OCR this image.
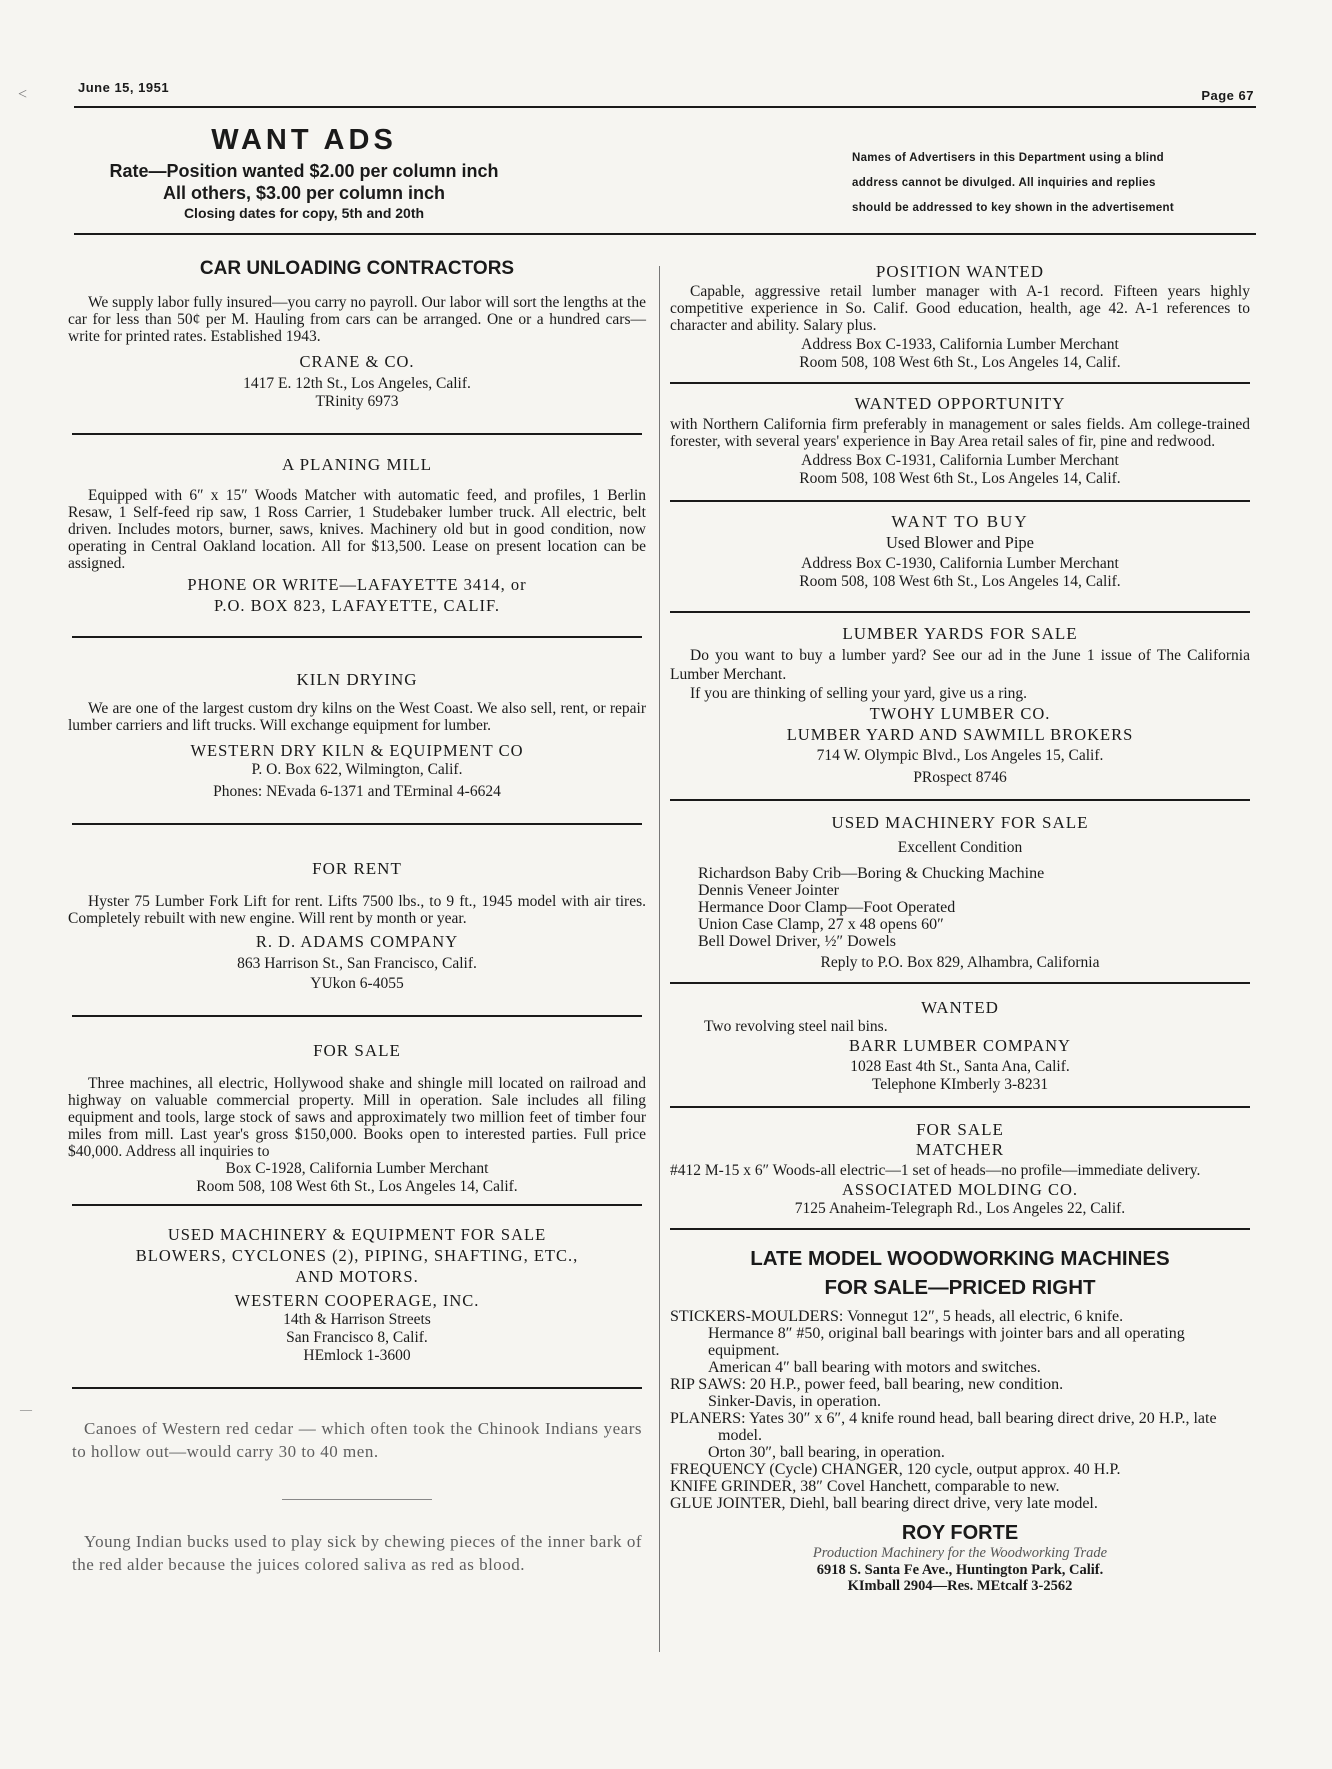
<
—
June 15, 1951
Page 67
WANT ADS
Rate—Position wanted $2.00 per column inch
All others, $3.00 per column inch
Closing dates for copy, 5th and 20th
Names of Advertisers in this Department using a blind
address cannot be divulged. All inquiries and replies
should be addressed to key shown in the advertisement

CAR UNLOADING CONTRACTORS

We supply labor fully insured—you carry no payroll. Our labor will sort the lengths at the car for less than 50¢ per M. Hauling from cars can be arranged. One or a hundred cars—write for printed rates. Established 1943.

CRANE & CO.

1417 E. 12th St., Los Angeles, Calif.

TRinity 6973

A PLANING MILL

Equipped with 6″ x 15″ Woods Matcher with automatic feed, and profiles, 1 Berlin Resaw, 1 Self-feed rip saw, 1 Ross Carrier, 1 Studebaker lumber truck. All electric, belt driven. Includes motors, burner, saws, knives. Machinery old but in good condition, now operating in Central Oakland location. All for $13,500. Lease on present location can be assigned.

PHONE OR WRITE—LAFAYETTE 3414, or

P.O. BOX 823, LAFAYETTE, CALIF.

KILN DRYING

We are one of the largest custom dry kilns on the West Coast. We also sell, rent, or repair lumber carriers and lift trucks. Will exchange equipment for lumber.

WESTERN DRY KILN & EQUIPMENT CO

P. O. Box 622, Wilmington, Calif.

Phones: NEvada 6-1371 and TErminal 4-6624

FOR RENT

Hyster 75 Lumber Fork Lift for rent. Lifts 7500 lbs., to 9 ft., 1945 model with air tires. Completely rebuilt with new engine. Will rent by month or year.

R. D. ADAMS COMPANY

863 Harrison St., San Francisco, Calif.

YUkon 6-4055

FOR SALE

Three machines, all electric, Hollywood shake and shingle mill located on railroad and highway on valuable commercial property. Mill in operation. Sale includes all filing equipment and tools, large stock of saws and approximately two million feet of timber four miles from mill. Last year's gross $150,000. Books open to interested parties. Full price $40,000. Address all inquiries to

Box C-1928, California Lumber Merchant

Room 508, 108 West 6th St., Los Angeles 14, Calif.

USED MACHINERY & EQUIPMENT FOR SALE

BLOWERS, CYCLONES (2), PIPING, SHAFTING, ETC.,

AND MOTORS.

WESTERN COOPERAGE, INC.

14th & Harrison Streets

San Francisco 8, Calif.

HEmlock 1-3600

Canoes of Western red cedar — which often took the Chinook Indians years to hollow out—would carry 30 to 40 men.

Young Indian bucks used to play sick by chewing pieces of the inner bark of the red alder because the juices colored saliva as red as blood.

POSITION WANTED

Capable, aggressive retail lumber manager with A-1 record. Fifteen years highly competitive experience in So. Calif. Good education, health, age 42. A-1 references to character and ability. Salary plus.

Address Box C-1933, California Lumber Merchant

Room 508, 108 West 6th St., Los Angeles 14, Calif.

WANTED OPPORTUNITY

with Northern California firm preferably in management or sales fields. Am college-trained forester, with several years' experience in Bay Area retail sales of fir, pine and redwood.

Address Box C-1931, California Lumber Merchant

Room 508, 108 West 6th St., Los Angeles 14, Calif.

WANT TO BUY

Used Blower and Pipe

Address Box C-1930, California Lumber Merchant

Room 508, 108 West 6th St., Los Angeles 14, Calif.

LUMBER YARDS FOR SALE

Do you want to buy a lumber yard? See our ad in the June 1 issue of The California Lumber Merchant.

If you are thinking of selling your yard, give us a ring.

TWOHY LUMBER CO.

LUMBER YARD AND SAWMILL BROKERS

714 W. Olympic Blvd., Los Angeles 15, Calif.

PRospect 8746

USED MACHINERY FOR SALE

Excellent Condition

Richardson Baby Crib—Boring & Chucking Machine

Dennis Veneer Jointer

Hermance Door Clamp—Foot Operated

Union Case Clamp, 27 x 48 opens 60″

Bell Dowel Driver, ½″ Dowels

Reply to P.O. Box 829, Alhambra, California

WANTED

Two revolving steel nail bins.

BARR LUMBER COMPANY

1028 East 4th St., Santa Ana, Calif.

Telephone KImberly 3-8231

FOR SALE

MATCHER

#412 M-15 x 6″ Woods-all electric—1 set of heads—no profile—immediate delivery.

ASSOCIATED MOLDING CO.

7125 Anaheim-Telegraph Rd., Los Angeles 22, Calif.

LATE MODEL WOODWORKING MACHINES

FOR SALE—PRICED RIGHT

STICKERS-MOULDERS: Vonnegut 12″, 5 heads, all electric, 6 knife.

Hermance 8″ #50, original ball bearings with jointer bars and all operating equipment.

American 4″ ball bearing with motors and switches.

RIP SAWS: 20 H.P., power feed, ball bearing, new condition.

Sinker-Davis, in operation.

PLANERS: Yates 30″ x 6″, 4 knife round head, ball bearing direct drive, 20 H.P., late model.

Orton 30″, ball bearing, in operation.

FREQUENCY (Cycle) CHANGER, 120 cycle, output approx. 40 H.P.

KNIFE GRINDER, 38″ Covel Hanchett, comparable to new.

GLUE JOINTER, Diehl, ball bearing direct drive, very late model.

ROY FORTE

Production Machinery for the Woodworking Trade

6918 S. Santa Fe Ave., Huntington Park, Calif.

KImball 2904—Res. MEtcalf 3-2562
